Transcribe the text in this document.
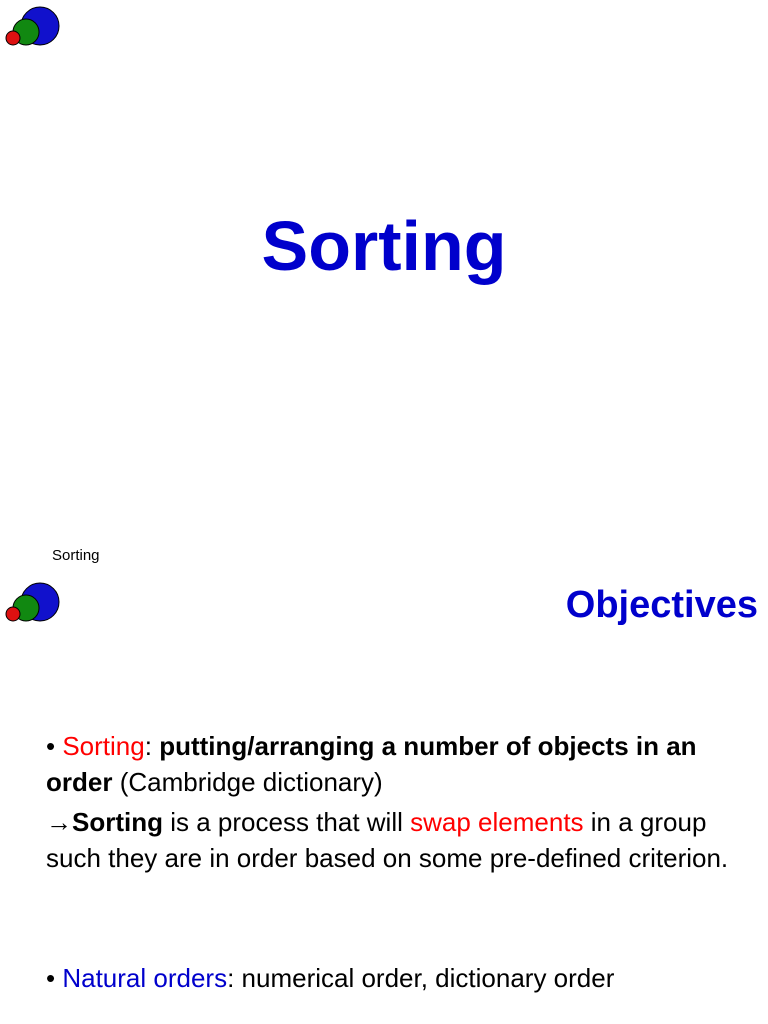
Sorting
Sorting
Objectives

• Sorting: putting/arranging a number of objects in an order (Cambridge dictionary)

→Sorting is a process that will swap elements in a group such they are in order based on some pre-defined criterion.

• Natural orders: numerical order, dictionary order
